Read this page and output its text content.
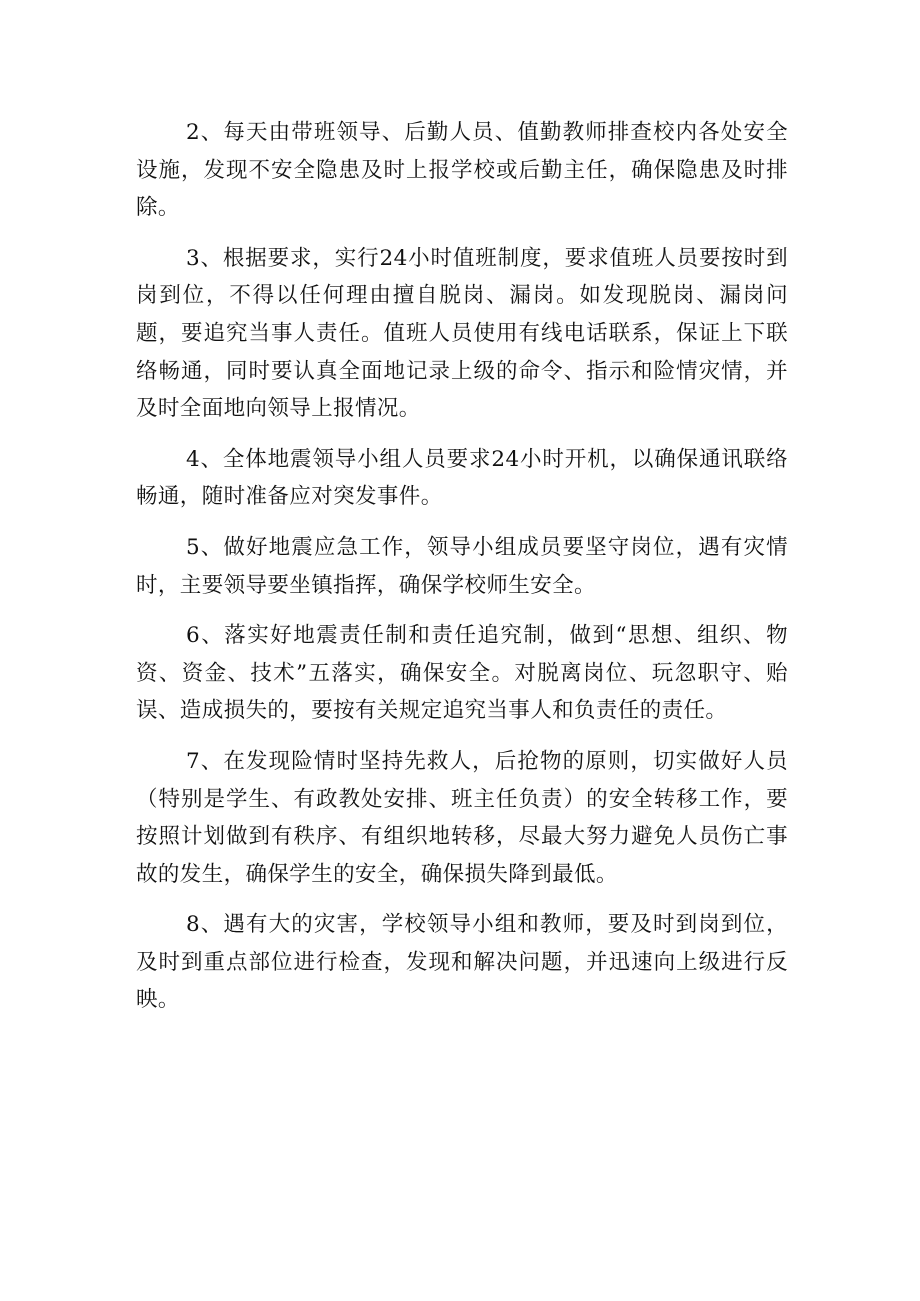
2、每天由带班领导、后勤人员、值勤教师排查校内各处安全设施，发现不安全隐患及时上报学校或后勤主任，确保隐患及时排除。

3、根据要求，实行24小时值班制度，要求值班人员要按时到岗到位，不得以任何理由擅自脱岗、漏岗。如发现脱岗、漏岗问题，要追究当事人责任。值班人员使用有线电话联系，保证上下联络畅通，同时要认真全面地记录上级的命令、指示和险情灾情，并及时全面地向领导上报情况。

4、全体地震领导小组人员要求24小时开机，以确保通讯联络畅通，随时准备应对突发事件。

5、做好地震应急工作，领导小组成员要坚守岗位，遇有灾情时，主要领导要坐镇指挥，确保学校师生安全。

6、落实好地震责任制和责任追究制，做到“思想、组织、物资、资金、技术”五落实，确保安全。对脱离岗位、玩忽职守、贻误、造成损失的，要按有关规定追究当事人和负责任的责任。

7、在发现险情时坚持先救人，后抢物的原则，切实做好人员（特别是学生、有政教处安排、班主任负责）的安全转移工作，要按照计划做到有秩序、有组织地转移，尽最大努力避免人员伤亡事故的发生，确保学生的安全，确保损失降到最低。

8、遇有大的灾害，学校领导小组和教师，要及时到岗到位，及时到重点部位进行检查，发现和解决问题，并迅速向上级进行反映。
